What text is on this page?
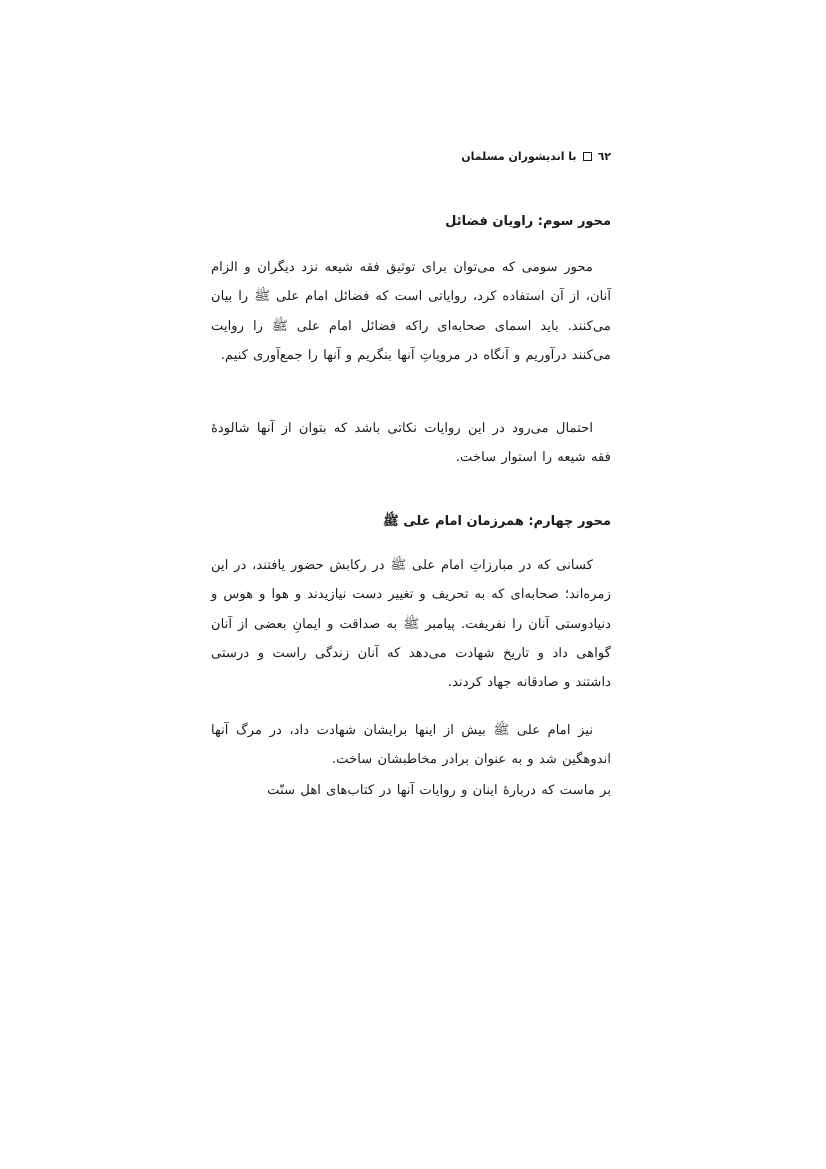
٦٢
با اندیشوران مسلمان
محور سوم: راویان فضائل

محور سومی که می‌توان برای توثیق فقه شیعه نزد دیگران و الزام آنان، از آن استفاده کرد، روایاتی است که فضائل امام علی ﷺ را بیان می‌کنند. باید اسمای صحابه‌ای راکه فضائل امام علی ﷺ را روایت می‌کنند درآوریم و آنگاه در مرویاتِ آنها بنگریم و آنها را جمع‌آوری کنیم.

احتمال می‌رود در این روایات نکاتی باشد که بتوان از آنها شالودهٔ فقه شیعه را استوار ساخت.

محور چهارم: همرزمان امام علی ﷺ

کسانی که در مبارزاتِ امام علی ﷺ در رکابش حضور یافتند، در این زمره‌اند؛ صحابه‌ای که به تحریف و تغییر دست نیازیدند و هوا و هوس و دنیادوستی آنان را نفریفت. پیامبر ﷺ به صداقت و ایمانِ بعضی از آنان گواهی داد و تاریخ شهادت می‌دهد که آنان زندگی راست و درستی داشتند و صادقانه جهاد کردند.

نیز امام علی ﷺ بیش از اینها برایشان شهادت داد، در مرگ آنها اندوهگین شد و به عنوان برادر مخاطبشان ساخت.

بر ماست که دربارهٔ اینان و روایات آنها در کتاب‌های اهل سنّت
